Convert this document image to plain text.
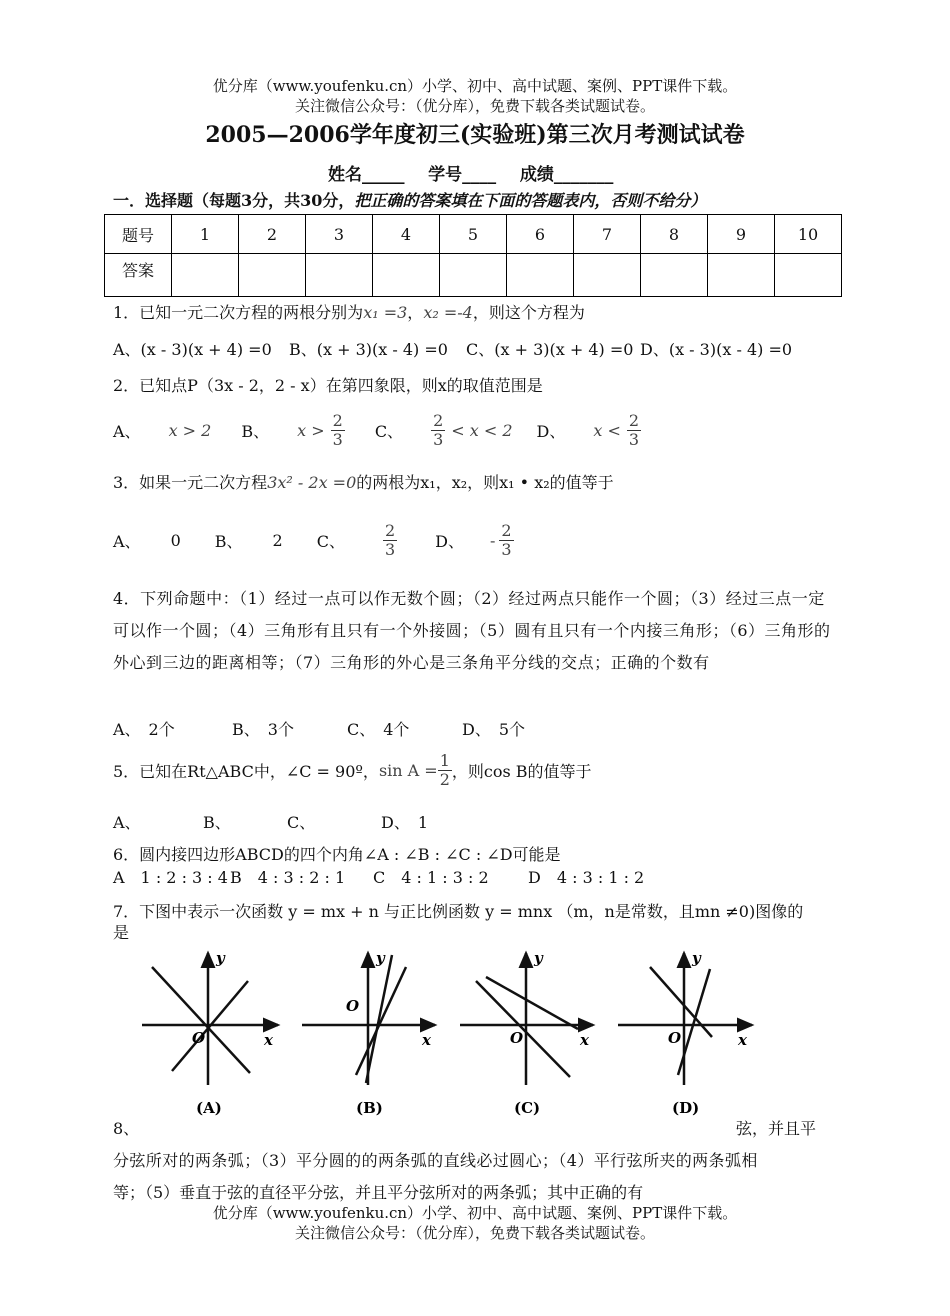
优分库（www.youfenku.cn）小学、初中、高中试题、案例、PPT课件下载。
关注微信公众号：（优分库），免费下载各类试题试卷。
2005—2006学年度初三(实验班)第三次月考测试试卷
姓名_____    学号____    成绩_______
一．选择题（每题3分，共30分，把正确的答案填在下面的答题表内，否则不给分）
题号	1	2	3	4	5	6	7	8	9	10
答案										
1．已知一元二次方程的两根分别为x₁ =3，x₂ =-4，则这个方程为
A、(x - 3)(x + 4) =0 B、(x + 3)(x - 4) =0 C、(x + 3)(x + 4) =0 D、(x - 3)(x - 4) =0
2．已知点P（3x - 2，2 - x）在第四象限，则x的取值范围是
A、 x > 2 B、 $x > \frac{2}{3}$ C、 $\frac{2}{3} < x < 2$ D、 $x < \frac{2}{3}$
3．如果一元二次方程3x² - 2x =0的两根为x₁，x₂，则x₁ • x₂的值等于
A、 0 B、 2 C、 $\frac{2}{3}$ D、 - $\frac{2}{3}$
4．下列命题中：（1）经过一点可以作无数个圆；（2）经过两点只能作一个圆；（3）经过三点一定可以作一个圆；（4）三角形有且只有一个外接圆；（5）圆有且只有一个内接三角形；（6）三角形的外心到三边的距离相等；（7）三角形的外心是三条角平分线的交点；正确的个数有
A、　2个	B、　3个	C、　4个	D、　5个
5．已知在Rt△ABC中，∠C = 90º， $\sin A = \frac{1}{2}$ ，则cos B的值等于
A、	B、	C、	D、　1
6．圆内接四边形ABCD的四个内角∠A : ∠B : ∠C : ∠D可能是
A　1 : 2 : 3 : 4 B　4 : 3 : 2 : 1 C　4 : 1 : 3 : 2 D　4 : 3 : 1 : 2
7．下图中表示一次函数 y = mx + n 与正比例函数 y = mnx （m，n是常数，且mn ≠0)图像的
是
y
x
O
(A)
y
x
O
(B)
y
x
O
(C)
y
x
O
(D)
8、	弦，并且平
分弦所对的两条弧；（3）平分圆的的两条弧的直线必过圆心；（4）平行弦所夹的两条弧相
等；（5）垂直于弦的直径平分弦，并且平分弦所对的两条弧；其中正确的有
优分库（www.youfenku.cn）小学、初中、高中试题、案例、PPT课件下载。
关注微信公众号：（优分库），免费下载各类试题试卷。
